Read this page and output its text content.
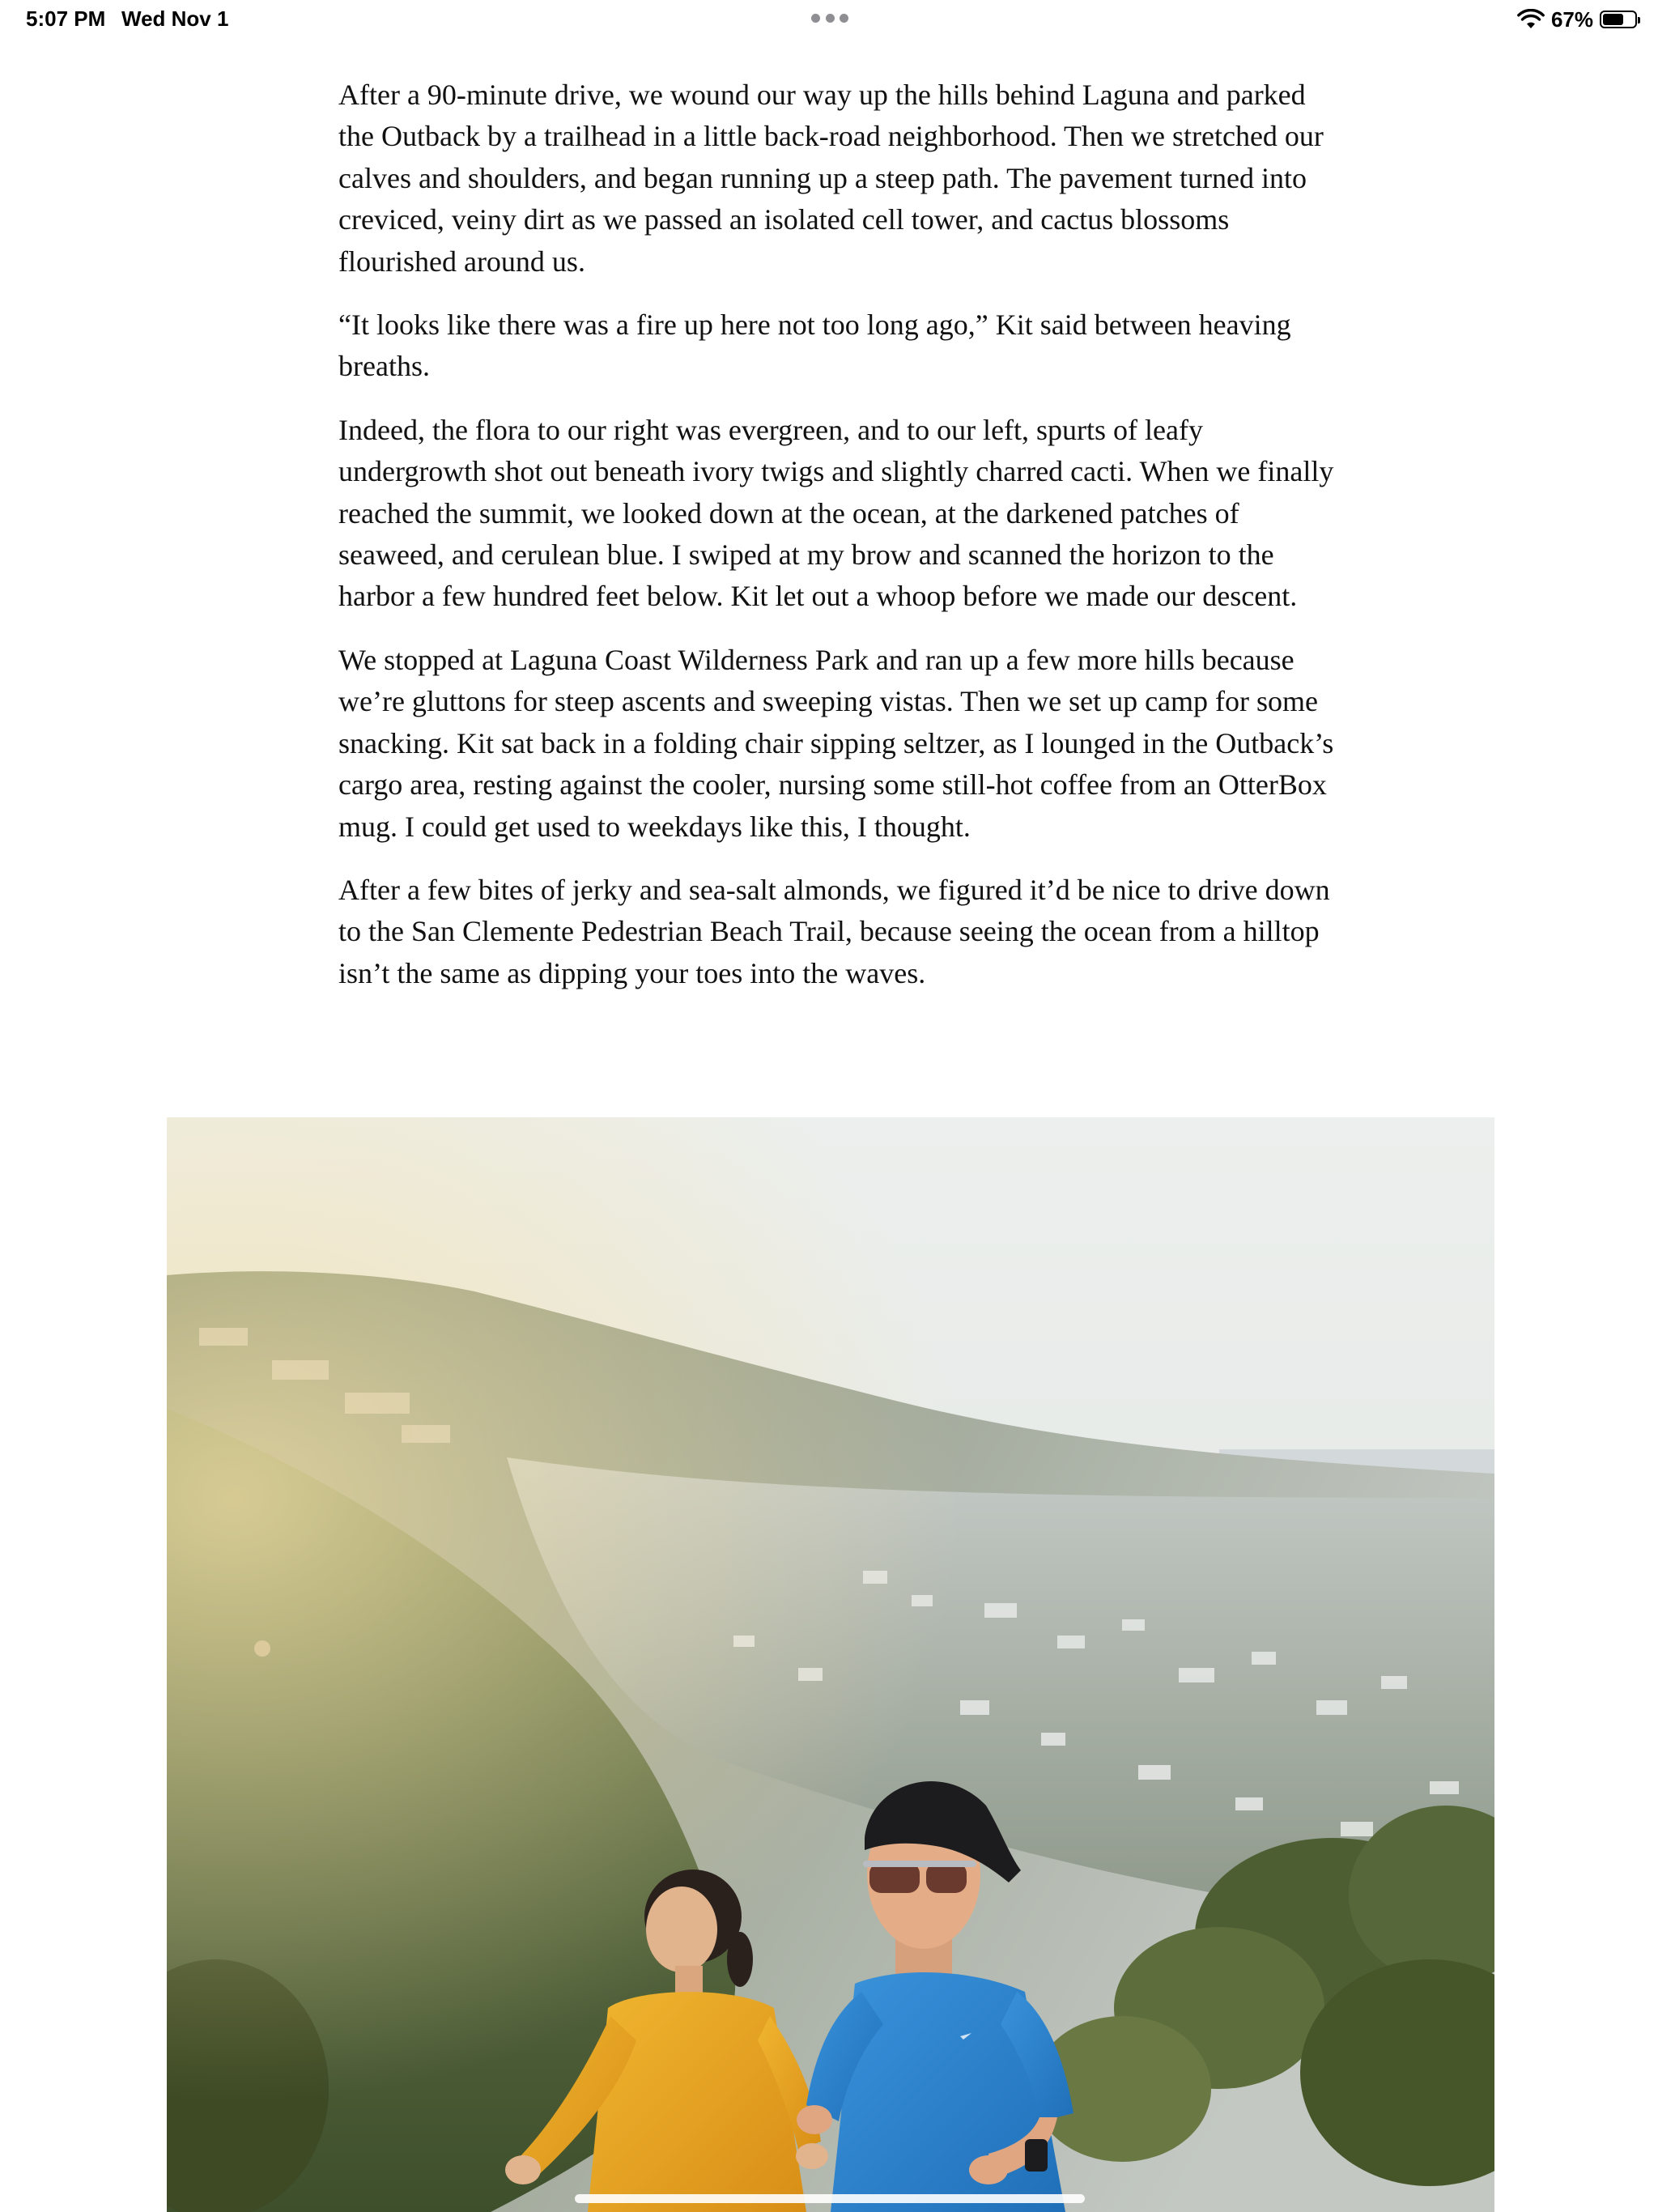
5:07 PM Wed Nov 1	67%

After a 90-minute drive, we wound our way up the hills behind Laguna and parked the Outback by a trailhead in a little back-road neighborhood. Then we stretched our calves and shoulders, and began running up a steep path. The pavement turned into creviced, veiny dirt as we passed an isolated cell tower, and cactus blossoms flourished around us.

“It looks like there was a fire up here not too long ago,” Kit said between heaving breaths.

Indeed, the flora to our right was evergreen, and to our left, spurts of leafy undergrowth shot out beneath ivory twigs and slightly charred cacti. When we finally reached the summit, we looked down at the ocean, at the darkened patches of seaweed, and cerulean blue. I swiped at my brow and scanned the horizon to the harbor a few hundred feet below. Kit let out a whoop before we made our descent.

We stopped at Laguna Coast Wilderness Park and ran up a few more hills because we’re gluttons for steep ascents and sweeping vistas. Then we set up camp for some snacking. Kit sat back in a folding chair sipping seltzer, as I lounged in the Outback’s cargo area, resting against the cooler, nursing some still-hot coffee from an OtterBox mug. I could get used to weekdays like this, I thought.

After a few bites of jerky and sea-salt almonds, we figured it’d be nice to drive down to the San Clemente Pedestrian Beach Trail, because seeing the ocean from a hilltop isn’t the same as dipping your toes into the waves.
